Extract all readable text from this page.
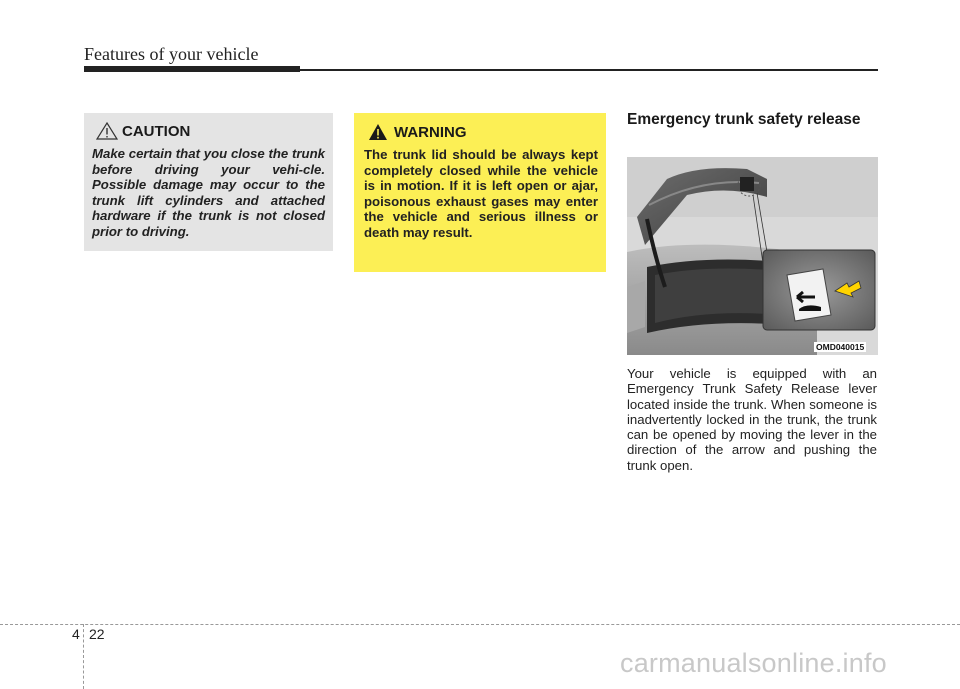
Features of your vehicle
CAUTION

Make certain that you close the trunk before driving your vehi-cle. Possible damage may occur to the trunk lift cylinders and attached hardware if the trunk is not closed prior to driving.

WARNING

The trunk lid should be always kept completely closed while the vehicle is in motion. If it is left open or ajar, poisonous exhaust gases may enter the vehicle and serious illness or death may result.

Emergency trunk safety release
OMD040015

Your vehicle is equipped with an Emergency Trunk Safety Release lever located inside the trunk. When someone is inadvertently locked in the trunk, the trunk can be opened by moving the lever in the direction of the arrow and pushing the trunk open.

4 22
carmanualsonline.info
